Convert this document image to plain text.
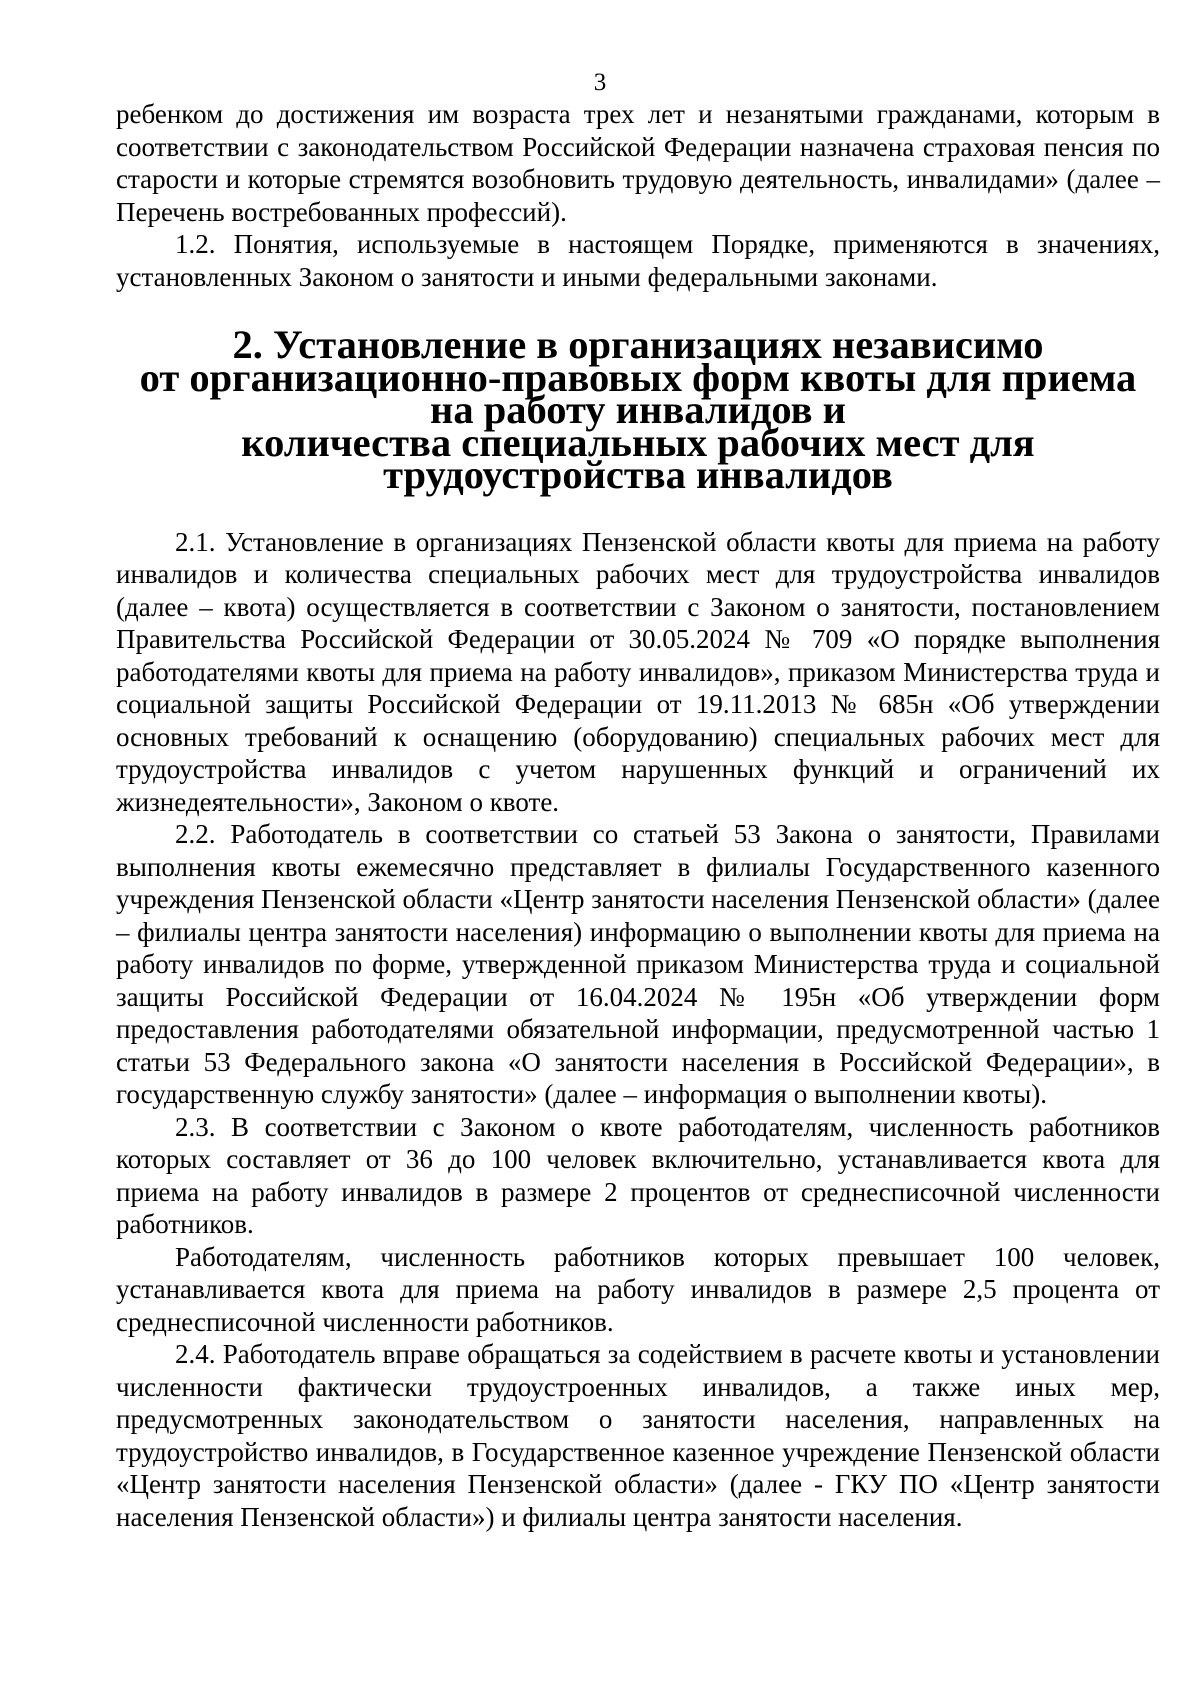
3

ребенком до достижения им возраста трех лет и незанятыми гражданами, которым в соответствии с законодательством Российской Федерации назначена страховая пенсия по старости и которые стремятся возобновить трудовую деятельность, инвалидами» (далее – Перечень востребованных профессий).

1.2. Понятия, используемые в настоящем Порядке, применяются в значениях, установленных Законом о занятости и иными федеральными законами.

2. Установление в организациях независимо
от организационно-правовых форм квоты для приема на работу инвалидов и
количества специальных рабочих мест для трудоустройства инвалидов

2.1. Установление в организациях Пензенской области квоты для приема на работу инвалидов и количества специальных рабочих мест для трудоустройства инвалидов (далее – квота) осуществляется в соответствии с Законом о занятости, постановлением Правительства Российской Федерации от 30.05.2024 № 709 «О порядке выполнения работодателями квоты для приема на работу инвалидов», приказом Министерства труда и социальной защиты Российской Федерации от 19.11.2013 № 685н «Об утверждении основных требований к оснащению (оборудованию) специальных рабочих мест для трудоустройства инвалидов с учетом нарушенных функций и ограничений их жизнедеятельности», Законом о квоте.

2.2. Работодатель в соответствии со статьей 53 Закона о занятости, Правилами выполнения квоты ежемесячно представляет в филиалы Государственного казенного учреждения Пензенской области «Центр занятости населения Пензенской области» (далее – филиалы центра занятости населения) информацию о выполнении квоты для приема на работу инвалидов по форме, утвержденной приказом Министерства труда и социальной защиты Российской Федерации от 16.04.2024 № 195н «Об утверждении форм предоставления работодателями обязательной информации, предусмотренной частью 1 статьи 53 Федерального закона «О занятости населения в Российской Федерации», в государственную службу занятости» (далее – информация о выполнении квоты).

2.3. В соответствии с Законом о квоте работодателям, численность работников которых составляет от 36 до 100 человек включительно, устанавливается квота для приема на работу инвалидов в размере 2 процентов от среднесписочной численности работников.

Работодателям, численность работников которых превышает 100 человек, устанавливается квота для приема на работу инвалидов в размере 2,5 процента от среднесписочной численности работников.

2.4. Работодатель вправе обращаться за содействием в расчете квоты и установлении численности фактически трудоустроенных инвалидов, а также иных мер, предусмотренных законодательством о занятости населения, направленных на трудоустройство инвалидов, в Государственное казенное учреждение Пензенской области «Центр занятости населения Пензенской области» (далее - ГКУ ПО «Центр занятости населения Пензенской области») и филиалы центра занятости населения.
